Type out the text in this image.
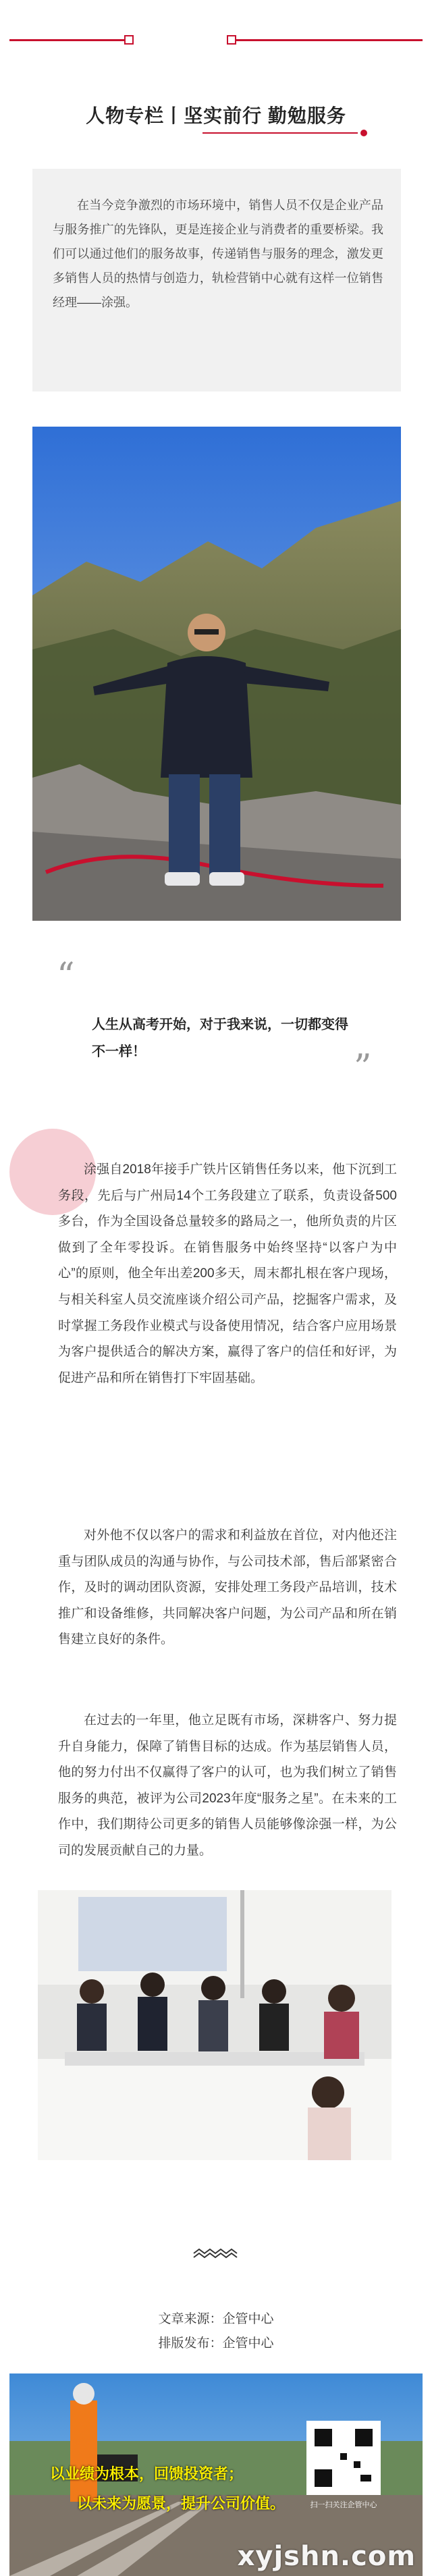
人物专栏丨坚实前行 勤勉服务
在当今竞争激烈的市场环境中，销售人员不仅是企业产品与服务推广的先锋队，更是连接企业与消费者的重要桥梁。我们可以通过他们的服务故事，传递销售与服务的理念，激发更多销售人员的热情与创造力，轨检营销中心就有这样一位销售经理——涂强。
“
人生从高考开始，对于我来说，一切都变得不一样！	”

涂强自2018年接手广铁片区销售任务以来，他下沉到工务段，先后与广州局14个工务段建立了联系，负责设备500多台，作为全国设备总量较多的路局之一，他所负责的片区做到了全年零投诉。在销售服务中始终坚持“以客户为中心”的原则，他全年出差200多天，周末都扎根在客户现场，与相关科室人员交流座谈介绍公司产品，挖掘客户需求，及时掌握工务段作业模式与设备使用情况，结合客户应用场景为客户提供适合的解决方案，赢得了客户的信任和好评，为促进产品和所在销售打下牢固基础。

对外他不仅以客户的需求和利益放在首位，对内他还注重与团队成员的沟通与协作，与公司技术部，售后部紧密合作，及时的调动团队资源，安排处理工务段产品培训，技术推广和设备维修，共同解决客户问题，为公司产品和所在销售建立良好的条件。

在过去的一年里，他立足既有市场，深耕客户、努力提升自身能力，保障了销售目标的达成。作为基层销售人员，他的努力付出不仅赢得了客户的认可，也为我们树立了销售服务的典范，被评为公司2023年度“服务之星”。在未来的工作中，我们期待公司更多的销售人员能够像涂强一样，为公司的发展贡献自己的力量。

文章来源：企管中心
排版发布：企管中心
以业绩为根本，回馈投资者；
以未来为愿景，提升公司价值。	扫一扫关注企管中心
xyjshn.com
